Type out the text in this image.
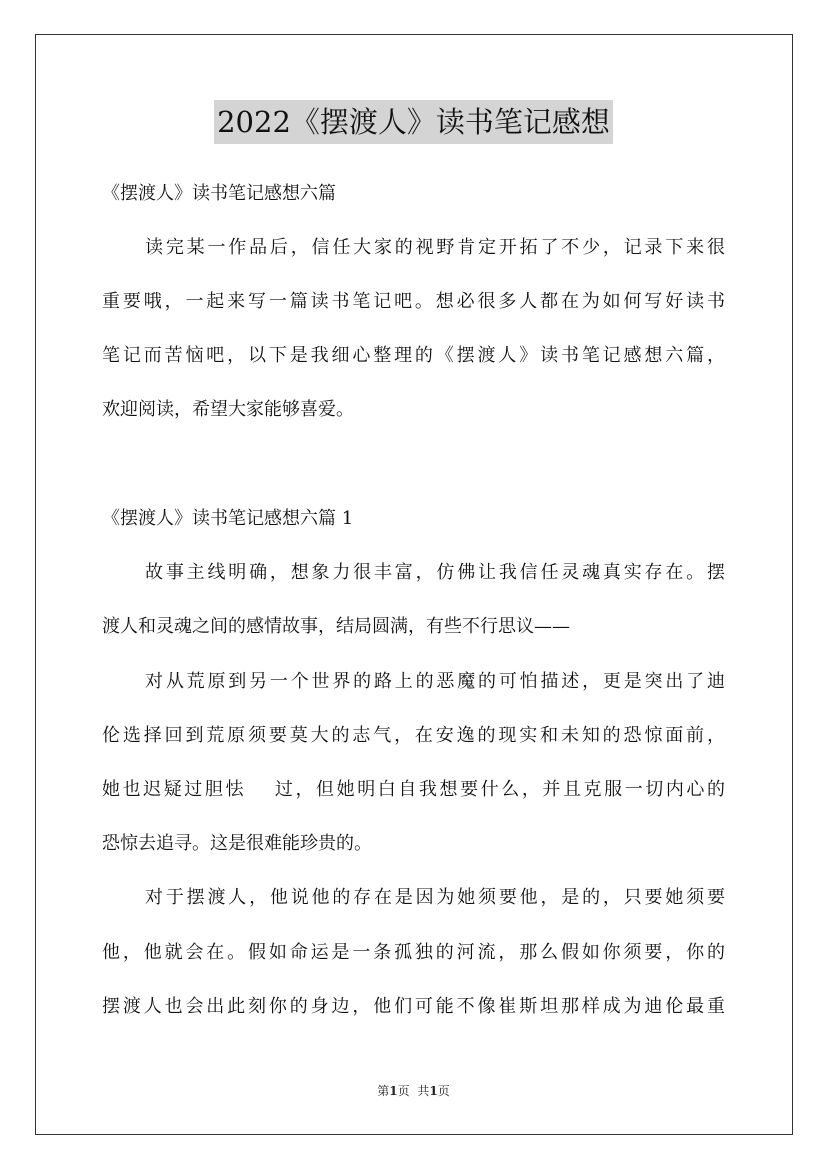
2022《摆渡人》读书笔记感想
《摆渡人》读书笔记感想六篇
读完某一作品后，信任大家的视野肯定开拓了不少，记录下来很
重要哦，一起来写一篇读书笔记吧。想必很多人都在为如何写好读书
笔记而苦恼吧，以下是我细心整理的《摆渡人》读书笔记感想六篇，
欢迎阅读，希望大家能够喜爱。
《摆渡人》读书笔记感想六篇 1
故事主线明确，想象力很丰富，仿佛让我信任灵魂真实存在。摆
渡人和灵魂之间的感情故事，结局圆满，有些不行思议——
对从荒原到另一个世界的路上的恶魔的可怕描述，更是突出了迪
伦选择回到荒原须要莫大的志气，在安逸的现实和未知的恐惊面前，
她也迟疑过胆怯　 过，但她明白自我想要什么，并且克服一切内心的
恐惊去追寻。这是很难能珍贵的。
对于摆渡人，他说他的存在是因为她须要他，是的，只要她须要
他，他就会在。假如命运是一条孤独的河流，那么假如你须要，你的
摆渡人也会出此刻你的身边，他们可能不像崔斯坦那样成为迪伦最重
第1页 共1页
